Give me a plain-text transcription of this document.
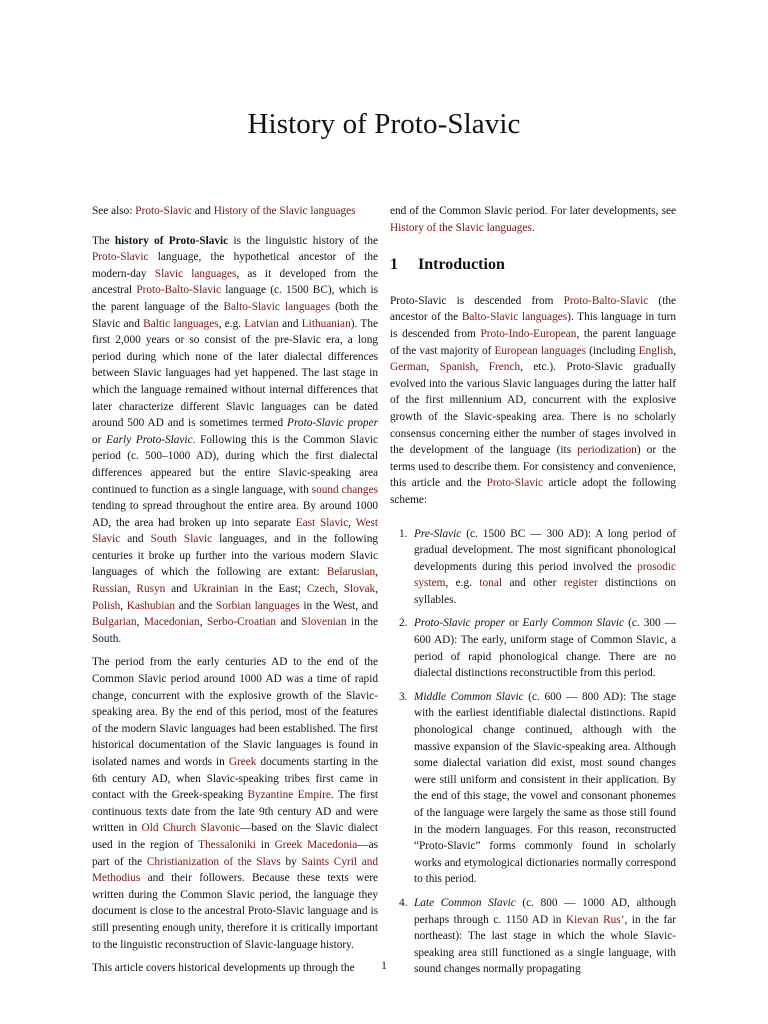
History of Proto-Slavic

See also: Proto-Slavic and History of the Slavic languages

The history of Proto-Slavic is the linguistic history of the Proto-Slavic language, the hypothetical ancestor of the modern-day Slavic languages, as it developed from the ancestral Proto-Balto-Slavic language (c. 1500 BC), which is the parent language of the Balto-Slavic languages (both the Slavic and Baltic languages, e.g. Latvian and Lithuanian). The first 2,000 years or so consist of the pre-Slavic era, a long period during which none of the later dialectal differences between Slavic languages had yet happened. The last stage in which the language remained without internal differences that later characterize different Slavic languages can be dated around 500 AD and is sometimes termed Proto-Slavic proper or Early Proto-Slavic. Following this is the Common Slavic period (c. 500–1000 AD), during which the first dialectal differences appeared but the entire Slavic-speaking area continued to function as a single language, with sound changes tending to spread throughout the entire area. By around 1000 AD, the area had broken up into separate East Slavic, West Slavic and South Slavic languages, and in the following centuries it broke up further into the various modern Slavic languages of which the following are extant: Belarusian, Russian, Rusyn and Ukrainian in the East; Czech, Slovak, Polish, Kashubian and the Sorbian languages in the West, and Bulgarian, Macedonian, Serbo-Croatian and Slovenian in the South.

The period from the early centuries AD to the end of the Common Slavic period around 1000 AD was a time of rapid change, concurrent with the explosive growth of the Slavic-speaking area. By the end of this period, most of the features of the modern Slavic languages had been established. The first historical documentation of the Slavic languages is found in isolated names and words in Greek documents starting in the 6th century AD, when Slavic-speaking tribes first came in contact with the Greek-speaking Byzantine Empire. The first continuous texts date from the late 9th century AD and were written in Old Church Slavonic—based on the Slavic dialect used in the region of Thessaloniki in Greek Macedonia—as part of the Christianization of the Slavs by Saints Cyril and Methodius and their followers. Because these texts were written during the Common Slavic period, the language they document is close to the ancestral Proto-Slavic language and is still presenting enough unity, therefore it is critically important to the linguistic reconstruction of Slavic-language history.

This article covers historical developments up through the

end of the Common Slavic period. For later developments, see History of the Slavic languages.

1 Introduction

Proto-Slavic is descended from Proto-Balto-Slavic (the ancestor of the Balto-Slavic languages). This language in turn is descended from Proto-Indo-European, the parent language of the vast majority of European languages (including English, German, Spanish, French, etc.). Proto-Slavic gradually evolved into the various Slavic languages during the latter half of the first millennium AD, concurrent with the explosive growth of the Slavic-speaking area. There is no scholarly consensus concerning either the number of stages involved in the development of the language (its periodization) or the terms used to describe them. For consistency and convenience, this article and the Proto-Slavic article adopt the following scheme:

1. Pre-Slavic (c. 1500 BC — 300 AD): A long period of gradual development. The most significant phonological developments during this period involved the prosodic system, e.g. tonal and other register distinctions on syllables.
2. Proto-Slavic proper or Early Common Slavic (c. 300 — 600 AD): The early, uniform stage of Common Slavic, a period of rapid phonological change. There are no dialectal distinctions reconstructible from this period.
3. Middle Common Slavic (c. 600 — 800 AD): The stage with the earliest identifiable dialectal distinctions. Rapid phonological change continued, although with the massive expansion of the Slavic-speaking area. Although some dialectal variation did exist, most sound changes were still uniform and consistent in their application. By the end of this stage, the vowel and consonant phonemes of the language were largely the same as those still found in the modern languages. For this reason, reconstructed “Proto-Slavic” forms commonly found in scholarly works and etymological dictionaries normally correspond to this period.
4. Late Common Slavic (c. 800 — 1000 AD, although perhaps through c. 1150 AD in Kievan Rus’, in the far northeast): The last stage in which the whole Slavic-speaking area still functioned as a single language, with sound changes normally propagating
1
